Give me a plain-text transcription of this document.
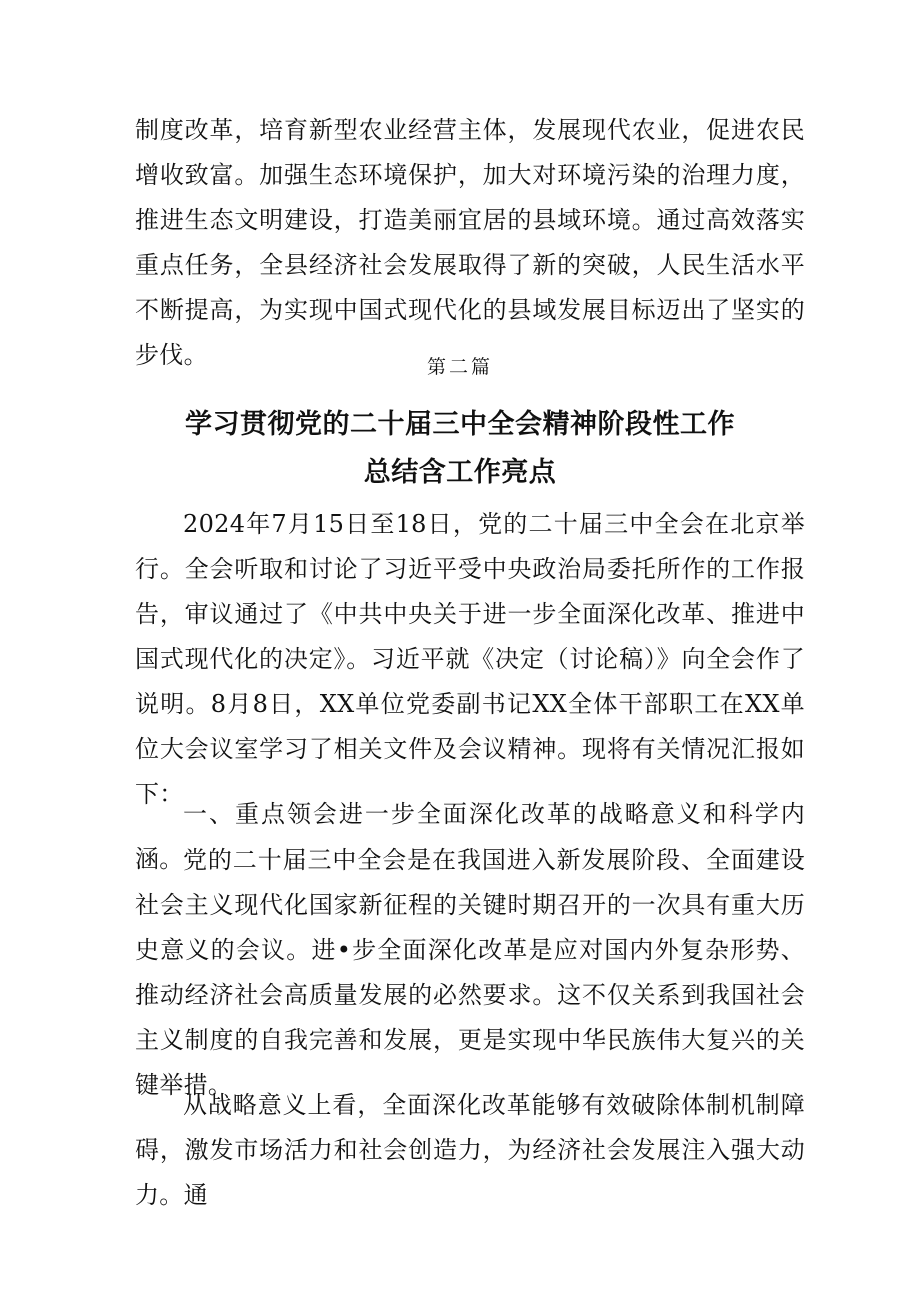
制度改革，培育新型农业经营主体，发展现代农业，促进农民增收致富。加强生态环境保护，加大对环境污染的治理力度，推进生态文明建设，打造美丽宜居的县域环境。通过高效落实重点任务，全县经济社会发展取得了新的突破，人民生活水平不断提高，为实现中国式现代化的县域发展目标迈出了坚实的步伐。	第二篇

学习贯彻党的二十届三中全会精神阶段性工作
总结含工作亮点

2024年7月15日至18日，党的二十届三中全会在北京举行。全会听取和讨论了习近平受中央政治局委托所作的工作报告，审议通过了《中共中央关于进一步全面深化改革、推进中国式现代化的决定》。习近平就《决定（讨论稿）》向全会作了说明。8月8日，XX单位党委副书记XX全体干部职工在XX单位大会议室学习了相关文件及会议精神。现将有关情况汇报如下：

一、重点领会进一步全面深化改革的战略意义和科学内涵。 党的二十届三中全会是在我国进入新发展阶段、全面建设社会主义现代化国家新征程的关键时期召开的一次具有重大历史意义的会议。进•步全面深化改革是应对国内外复杂形势、推动经济社会高质量发展的必然要求。这不仅关系到我国社会主义制度的自我完善和发展，更是实现中华民族伟大复兴的关键举措。

从战略意义上看，全面深化改革能够有效破除体制机制障碍，激发市场活力和社会创造力，为经济社会发展注入强大动力。通
